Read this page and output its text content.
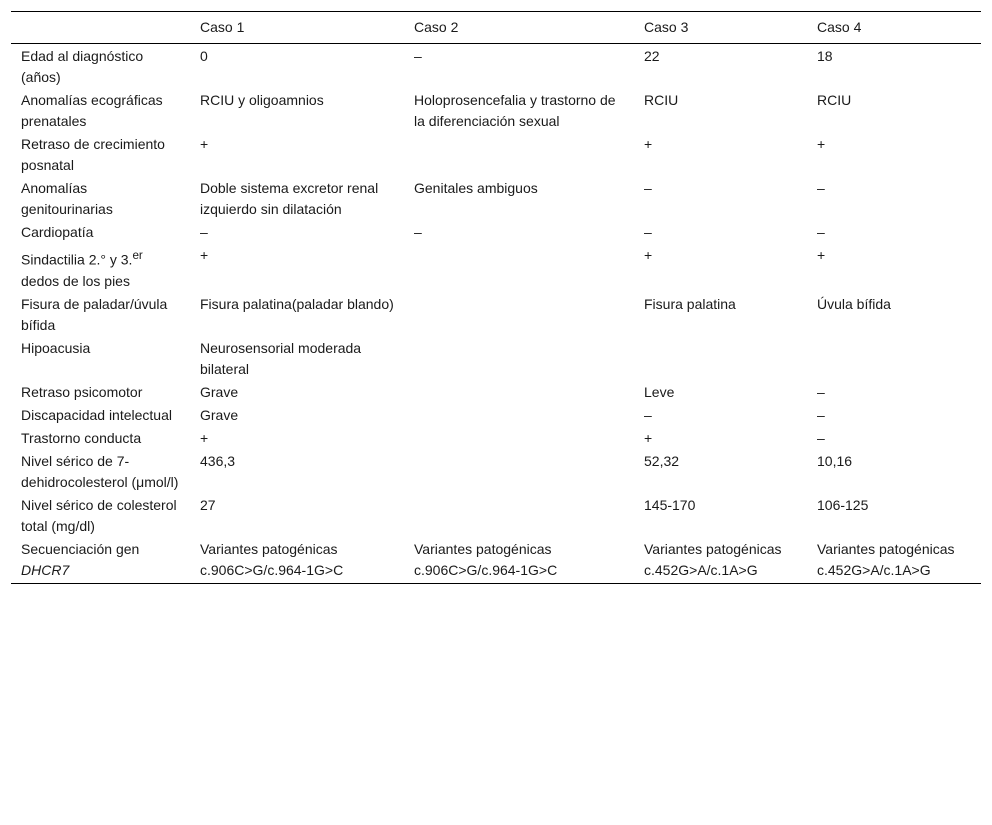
	Caso 1	Caso 2	Caso 3	Caso 4
Edad al diagnóstico (años)	0	–	22	18
Anomalías ecográficas prenatales	RCIU y oligoamnios	Holoprosencefalia y trastorno de la diferenciación sexual	RCIU	RCIU
Retraso de crecimiento posnatal	+		+	+
Anomalías genitourinarias	Doble sistema excretor renal izquierdo sin dilatación	Genitales ambiguos	–	–
Cardiopatía	–	–	–	–
Sindactilia 2.° y 3.$^{er}$ dedos de los pies	+		+	+
Fisura de paladar/úvula bífida	Fisura palatina(paladar blando)		Fisura palatina	Úvula bífida
Hipoacusia	Neurosensorial moderada bilateral			
Retraso psicomotor	Grave		Leve	–
Discapacidad intelectual	Grave		–	–
Trastorno conducta	+		+	–
Nivel sérico de 7-dehidrocolesterol (μmol/l)	436,3		52,32	10,16
Nivel sérico de colesterol total (mg/dl)	27		145-170	106-125
Secuenciación gen DHCR7	Variantes patogénicas c.906C>G/c.964-1G>C	Variantes patogénicas c.906C>G/c.964-1G>C	Variantes patogénicas c.452G>A/c.1A>G	Variantes patogénicas c.452G>A/c.1A>G
